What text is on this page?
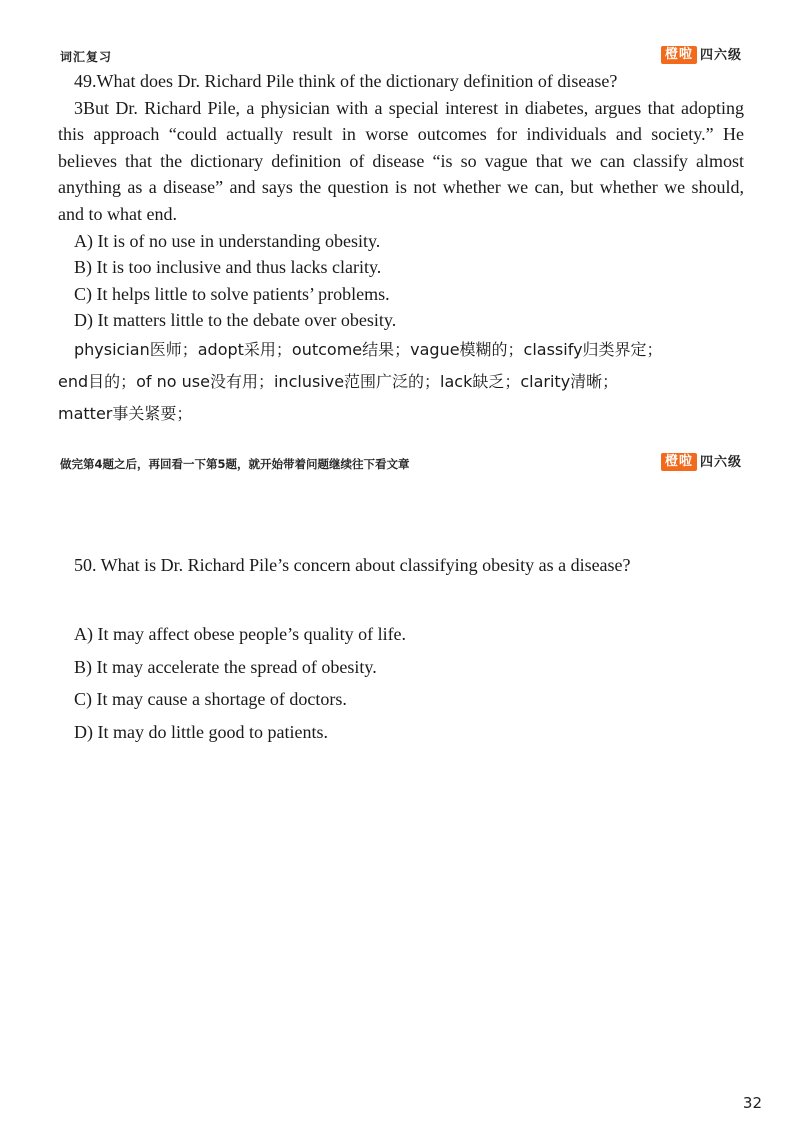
词汇复习	橙啦 四六级

49.What does Dr. Richard Pile think of the dictionary definition of disease?

3But Dr. Richard Pile, a physician with a special interest in diabetes, argues that adopting this approach “could actually result in worse outcomes for individuals and society.” He believes that the dictionary definition of disease “is so vague that we can classify almost anything as a disease” and says the question is not whether we can, but whether we should, and to what end.

A) It is of no use in understanding obesity.

B) It is too inclusive and thus lacks clarity.

C) It helps little to solve patients’ problems.

D) It matters little to the debate over obesity.

physician医师；adopt采用；outcome结果；vague模糊的；classify归类界定；

end目的；of no use没有用；inclusive范围广泛的；lack缺乏；clarity清晰；

matter事关紧要；

做完第4题之后，再回看一下第5题，就开始带着问题继续往下看文章	橙啦 四六级

50. What is Dr. Richard Pile’s concern about classifying obesity as a disease?

A) It may affect obese people’s quality of life.

B) It may accelerate the spread of obesity.

C) It may cause a shortage of doctors.

D) It may do little good to patients.

32
